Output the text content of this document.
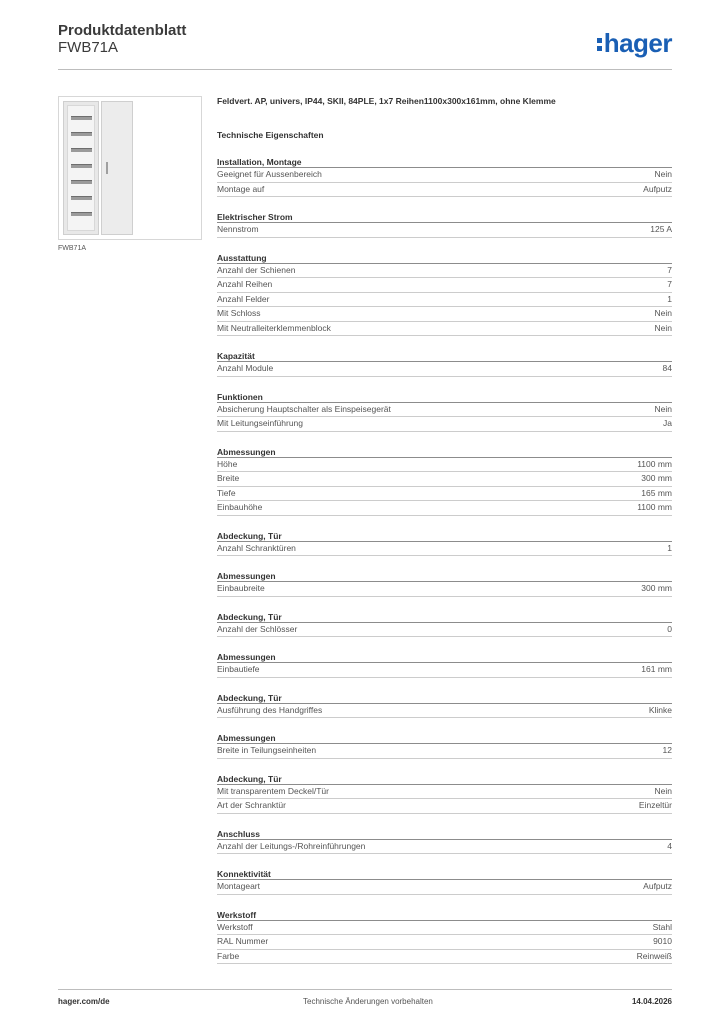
Produktdatenblatt
FWB71A	hager
FWB71A
Feldvert. AP, univers, IP44, SKII, 84PLE, 1x7 Reihen1100x300x161mm, ohne Klemme
Technische Eigenschaften
Installation, Montage
Geeignet für Aussenbereich	Nein
Montage auf	Aufputz
Elektrischer Strom
Nennstrom	125 A
Ausstattung
Anzahl der Schienen	7
Anzahl Reihen	7
Anzahl Felder	1
Mit Schloss	Nein
Mit Neutralleiterklemmenblock	Nein
Kapazität
Anzahl Module	84
Funktionen
Absicherung Hauptschalter als Einspeisegerät	Nein
Mit Leitungseinführung	Ja
Abmessungen
Höhe	1100 mm
Breite	300 mm
Tiefe	165 mm
Einbauhöhe	1100 mm
Abdeckung, Tür
Anzahl Schranktüren	1
Abmessungen
Einbaubreite	300 mm
Abdeckung, Tür
Anzahl der Schlösser	0
Abmessungen
Einbautiefe	161 mm
Abdeckung, Tür
Ausführung des Handgriffes	Klinke
Abmessungen
Breite in Teilungseinheiten	12
Abdeckung, Tür
Mit transparentem Deckel/Tür	Nein
Art der Schranktür	Einzeltür
Anschluss
Anzahl der Leitungs-/Rohreinführungen	4
Konnektivität
Montageart	Aufputz
Werkstoff
Werkstoff	Stahl
RAL Nummer	9010
Farbe	Reinweiß
hager.com/de	Technische Änderungen vorbehalten	14.04.2026
